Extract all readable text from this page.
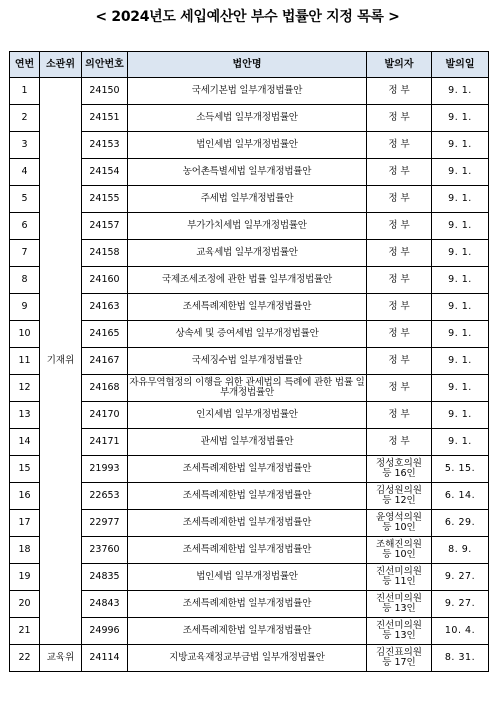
< 2024년도 세입예산안 부수 법률안 지정 목록 >
연번	소관위	의안번호	법안명	발의자	발의일
1	기재위	24150	국세기본법 일부개정법률안	정 부	9. 1.
2		24151	소득세법 일부개정법률안	정 부	9. 1.
3		24153	법인세법 일부개정법률안	정 부	9. 1.
4		24154	농어촌특별세법 일부개정법률안	정 부	9. 1.
5		24155	주세법 일부개정법률안	정 부	9. 1.
6		24157	부가가치세법 일부개정법률안	정 부	9. 1.
7		24158	교육세법 일부개정법률안	정 부	9. 1.
8		24160	국제조세조정에 관한 법률 일부개정법률안	정 부	9. 1.
9		24163	조세특례제한법 일부개정법률안	정 부	9. 1.
10		24165	상속세 및 증여세법 일부개정법률안	정 부	9. 1.
11		24167	국세징수법 일부개정법률안	정 부	9. 1.
12		24168	자유무역협정의 이행을 위한 관세법의 특례에 관한 법률 일부개정법률안	정 부	9. 1.
13		24170	인지세법 일부개정법률안	정 부	9. 1.
14		24171	관세법 일부개정법률안	정 부	9. 1.
15		21993	조세특례제한법 일부개정법률안	정성호의원
등 16인	5. 15.
16		22653	조세특례제한법 일부개정법률안	김성원의원
등 12인	6. 14.
17		22977	조세특례제한법 일부개정법률안	윤영석의원
등 10인	6. 29.
18		23760	조세특례제한법 일부개정법률안	조해진의원
등 10인	8. 9.
19		24835	법인세법 일부개정법률안	진선미의원
등 11인	9. 27.
20		24843	조세특례제한법 일부개정법률안	진선미의원
등 13인	9. 27.
21		24996	조세특례제한법 일부개정법률안	진선미의원
등 13인	10. 4.
22	교육위	24114	지방교육재정교부금법 일부개정법률안	김진표의원
등 17인	8. 31.
